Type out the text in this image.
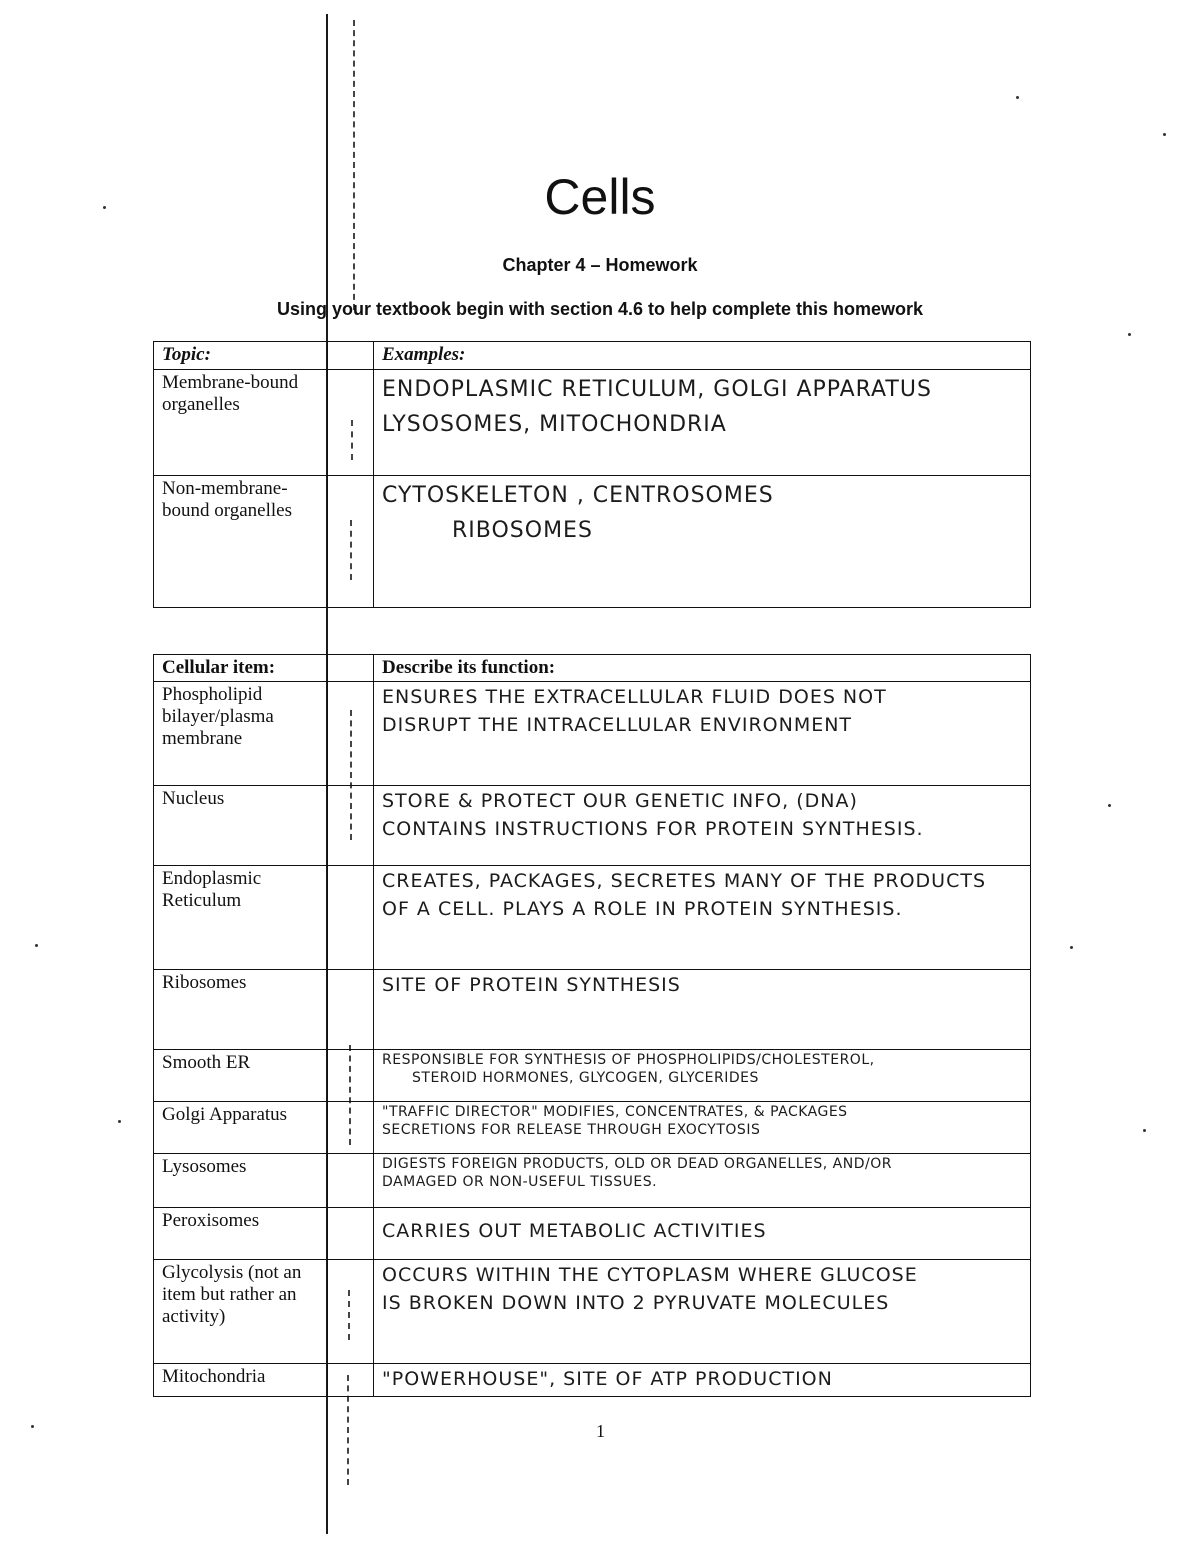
Cells
Chapter 4 – Homework
Using your textbook begin with section 4.6 to help complete this homework
Topic:		Examples:
Membrane-bound organelles		ENDOPLASMIC RETICULUM, GOLGI APPARATUS
LYSOSOMES, MITOCHONDRIA

Non-membrane-bound organelles		CYTOSKELETON , CENTROSOMES
RIBOSOMES
Cellular item:		Describe its function:
Phospholipid bilayer/plasma membrane		ENSURES THE EXTRACELLULAR FLUID DOES NOT
DISRUPT THE INTRACELLULAR ENVIRONMENT

Nucleus		STORE & PROTECT OUR GENETIC INFO, (DNA)
CONTAINS INSTRUCTIONS FOR PROTEIN SYNTHESIS.

Endoplasmic Reticulum		CREATES, PACKAGES, SECRETES MANY OF THE PRODUCTS
OF A CELL. PLAYS A ROLE IN PROTEIN SYNTHESIS.

Ribosomes		SITE OF PROTEIN SYNTHESIS

Smooth ER		RESPONSIBLE FOR SYNTHESIS OF PHOSPHOLIPIDS/CHOLESTEROL,
STEROID HORMONES, GLYCOGEN, GLYCERIDES

Golgi Apparatus		"TRAFFIC DIRECTOR" MODIFIES, CONCENTRATES, & PACKAGES
SECRETIONS FOR RELEASE THROUGH EXOCYTOSIS

Lysosomes		DIGESTS FOREIGN PRODUCTS, OLD OR DEAD ORGANELLES, AND/OR
DAMAGED OR NON-USEFUL TISSUES.

Peroxisomes		CARRIES OUT METABOLIC ACTIVITIES

Glycolysis (not an item but rather an activity)		OCCURS WITHIN THE CYTOPLASM WHERE GLUCOSE
IS BROKEN DOWN INTO 2 PYRUVATE MOLECULES

Mitochondria		"POWERHOUSE", SITE OF ATP PRODUCTION
1
